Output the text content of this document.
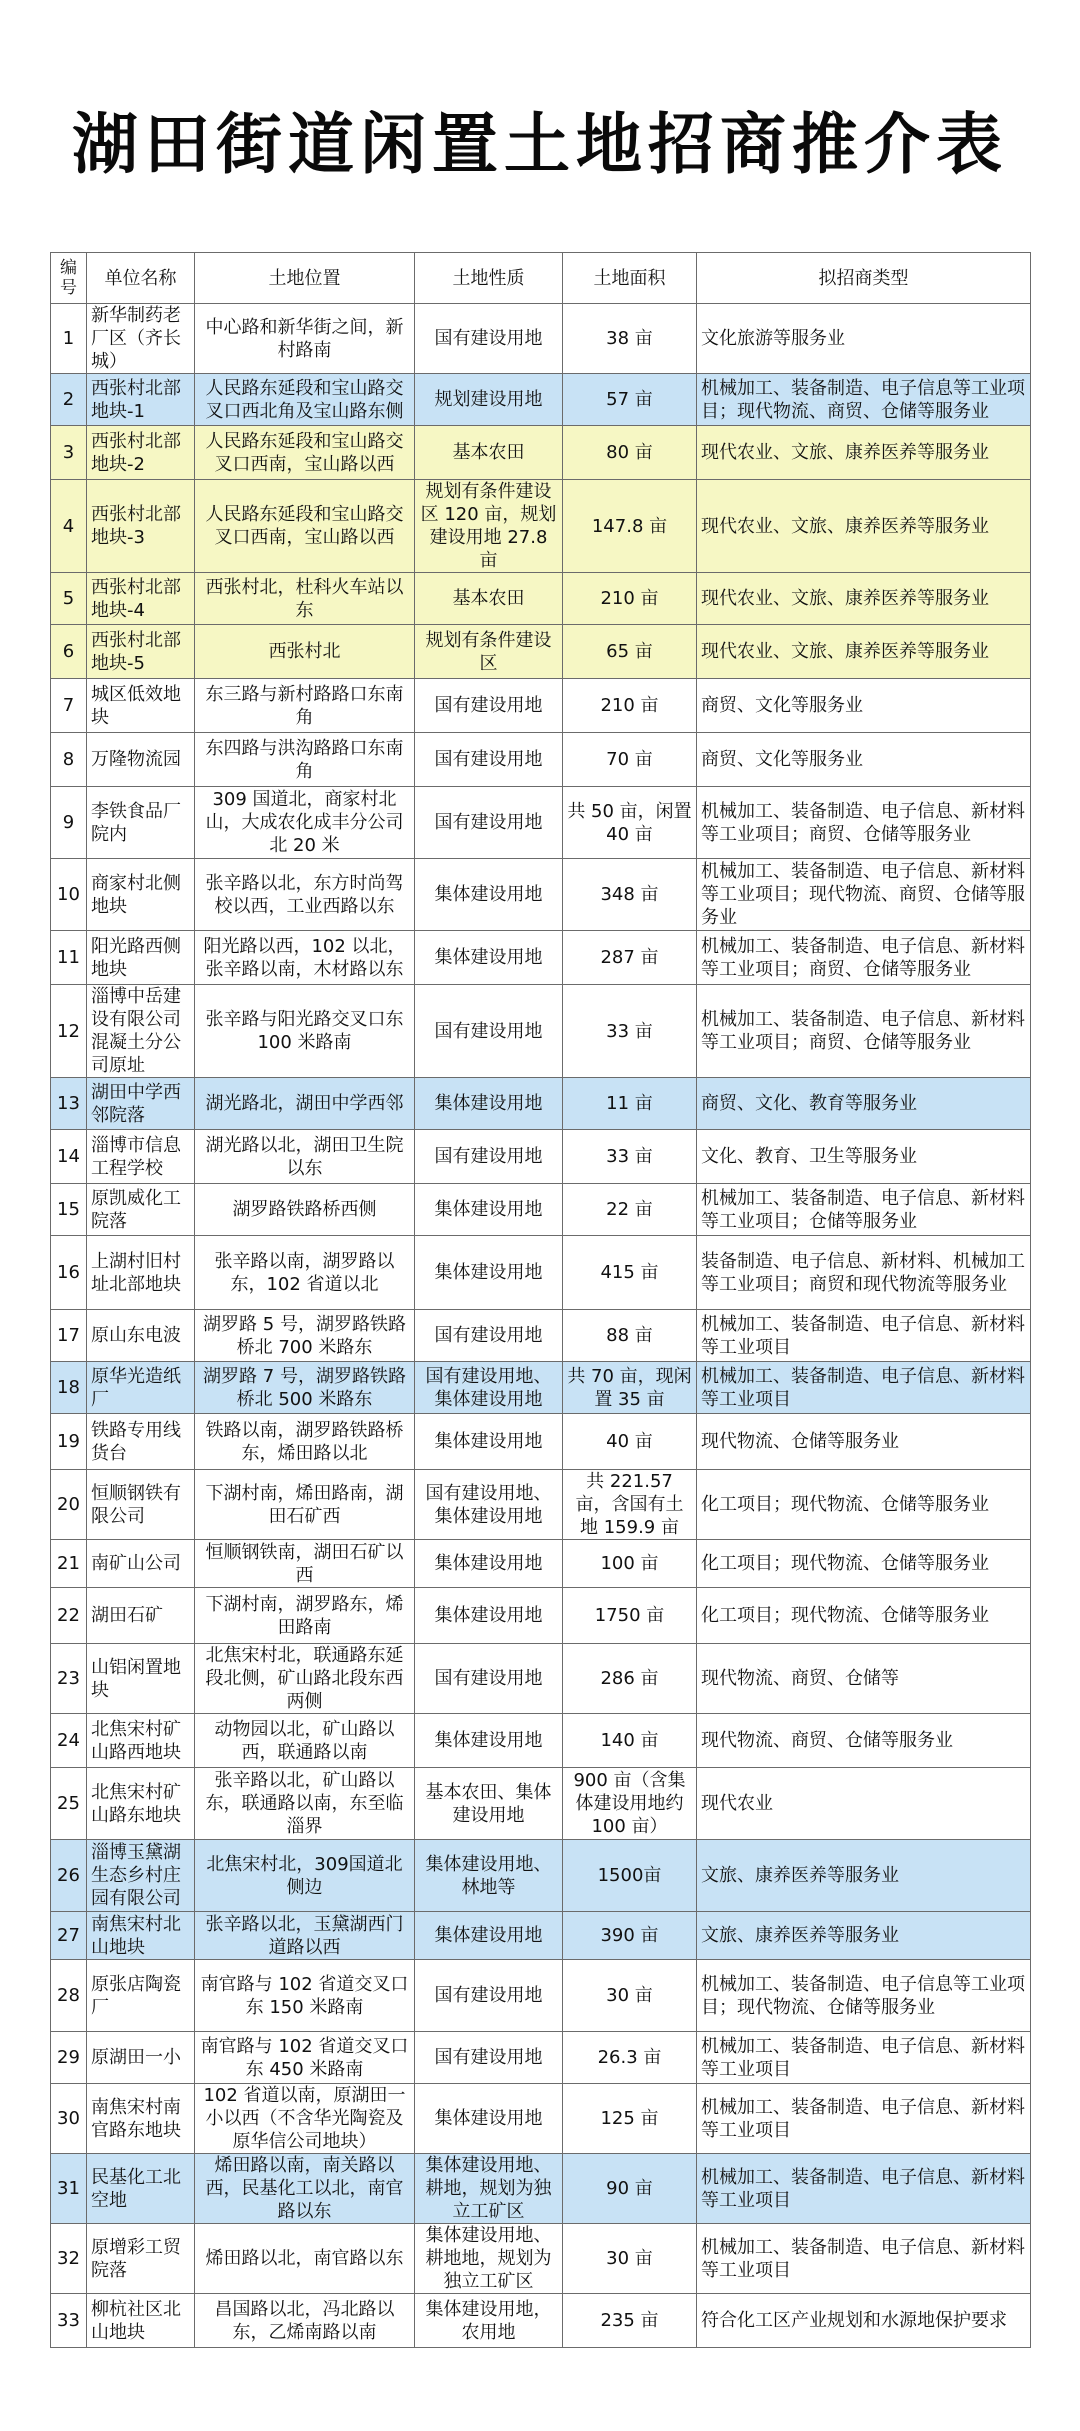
湖田街道闲置土地招商推介表
编号	单位名称	土地位置	土地性质	土地面积	拟招商类型
1	新华制药老厂区（齐长城）	中心路和新华街之间，新村路南	国有建设用地	38 亩	文化旅游等服务业
2	西张村北部地块-1	人民路东延段和宝山路交叉口西北角及宝山路东侧	规划建设用地	57 亩	机械加工、装备制造、电子信息等工业项目；现代物流、商贸、仓储等服务业
3	西张村北部地块-2	人民路东延段和宝山路交叉口西南，宝山路以西	基本农田	80 亩	现代农业、文旅、康养医养等服务业
4	西张村北部地块-3	人民路东延段和宝山路交叉口西南，宝山路以西	规划有条件建设区 120 亩，规划建设用地 27.8 亩	147.8 亩	现代农业、文旅、康养医养等服务业
5	西张村北部地块-4	西张村北，杜科火车站以东	基本农田	210 亩	现代农业、文旅、康养医养等服务业
6	西张村北部地块-5	西张村北	规划有条件建设区	65 亩	现代农业、文旅、康养医养等服务业
7	城区低效地块	东三路与新村路路口东南角	国有建设用地	210 亩	商贸、文化等服务业
8	万隆物流园	东四路与洪沟路路口东南角	国有建设用地	70 亩	商贸、文化等服务业
9	李铁食品厂院内	309 国道北，商家村北山，大成农化成丰分公司北 20 米	国有建设用地	共 50 亩，闲置 40 亩	机械加工、装备制造、电子信息、新材料等工业项目；商贸、仓储等服务业
10	商家村北侧地块	张辛路以北，东方时尚驾校以西，工业西路以东	集体建设用地	348 亩	机械加工、装备制造、电子信息、新材料等工业项目；现代物流、商贸、仓储等服务业
11	阳光路西侧地块	阳光路以西，102 以北，张辛路以南，木材路以东	集体建设用地	287 亩	机械加工、装备制造、电子信息、新材料等工业项目；商贸、仓储等服务业
12	淄博中岳建设有限公司混凝土分公司原址	张辛路与阳光路交叉口东 100 米路南	国有建设用地	33 亩	机械加工、装备制造、电子信息、新材料等工业项目；商贸、仓储等服务业
13	湖田中学西邻院落	湖光路北，湖田中学西邻	集体建设用地	11 亩	商贸、文化、教育等服务业
14	淄博市信息工程学校	湖光路以北，湖田卫生院以东	国有建设用地	33 亩	文化、教育、卫生等服务业
15	原凯威化工院落	湖罗路铁路桥西侧	集体建设用地	22 亩	机械加工、装备制造、电子信息、新材料等工业项目；仓储等服务业
16	上湖村旧村址北部地块	张辛路以南，湖罗路以东，102 省道以北	集体建设用地	415 亩	装备制造、电子信息、新材料、机械加工等工业项目；商贸和现代物流等服务业
17	原山东电波	湖罗路 5 号，湖罗路铁路桥北 700 米路东	国有建设用地	88 亩	机械加工、装备制造、电子信息、新材料等工业项目
18	原华光造纸厂	湖罗路 7 号，湖罗路铁路桥北 500 米路东	国有建设用地、集体建设用地	共 70 亩，现闲置 35 亩	机械加工、装备制造、电子信息、新材料等工业项目
19	铁路专用线货台	铁路以南，湖罗路铁路桥东，烯田路以北	集体建设用地	40 亩	现代物流、仓储等服务业
20	恒顺钢铁有限公司	下湖村南，烯田路南，湖田石矿西	国有建设用地、集体建设用地	共 221.57 亩，含国有土地 159.9 亩	化工项目；现代物流、仓储等服务业
21	南矿山公司	恒顺钢铁南，湖田石矿以西	集体建设用地	100 亩	化工项目；现代物流、仓储等服务业
22	湖田石矿	下湖村南，湖罗路东，烯田路南	集体建设用地	1750 亩	化工项目；现代物流、仓储等服务业
23	山铝闲置地块	北焦宋村北，联通路东延段北侧，矿山路北段东西两侧	国有建设用地	286 亩	现代物流、商贸、仓储等
24	北焦宋村矿山路西地块	动物园以北，矿山路以西，联通路以南	集体建设用地	140 亩	现代物流、商贸、仓储等服务业
25	北焦宋村矿山路东地块	张辛路以北，矿山路以东，联通路以南，东至临淄界	基本农田、集体建设用地	900 亩（含集体建设用地约 100 亩）	现代农业
26	淄博玉黛湖生态乡村庄园有限公司	北焦宋村北，309国道北侧边	集体建设用地、林地等	1500亩	文旅、康养医养等服务业
27	南焦宋村北山地块	张辛路以北，玉黛湖西门道路以西	集体建设用地	390 亩	文旅、康养医养等服务业
28	原张店陶瓷厂	南官路与 102 省道交叉口东 150 米路南	国有建设用地	30 亩	机械加工、装备制造、电子信息等工业项目；现代物流、仓储等服务业
29	原湖田一小	南官路与 102 省道交叉口东 450 米路南	国有建设用地	26.3 亩	机械加工、装备制造、电子信息、新材料等工业项目
30	南焦宋村南官路东地块	102 省道以南，原湖田一小以西（不含华光陶瓷及原华信公司地块）	集体建设用地	125 亩	机械加工、装备制造、电子信息、新材料等工业项目
31	民基化工北空地	烯田路以南，南关路以西，民基化工以北，南官路以东	集体建设用地、耕地，规划为独立工矿区	90 亩	机械加工、装备制造、电子信息、新材料等工业项目
32	原增彩工贸院落	烯田路以北，南官路以东	集体建设用地、耕地地，规划为独立工矿区	30 亩	机械加工、装备制造、电子信息、新材料等工业项目
33	柳杭社区北山地块	昌国路以北，冯北路以东，乙烯南路以南	集体建设用地，农用地	235 亩	符合化工区产业规划和水源地保护要求
